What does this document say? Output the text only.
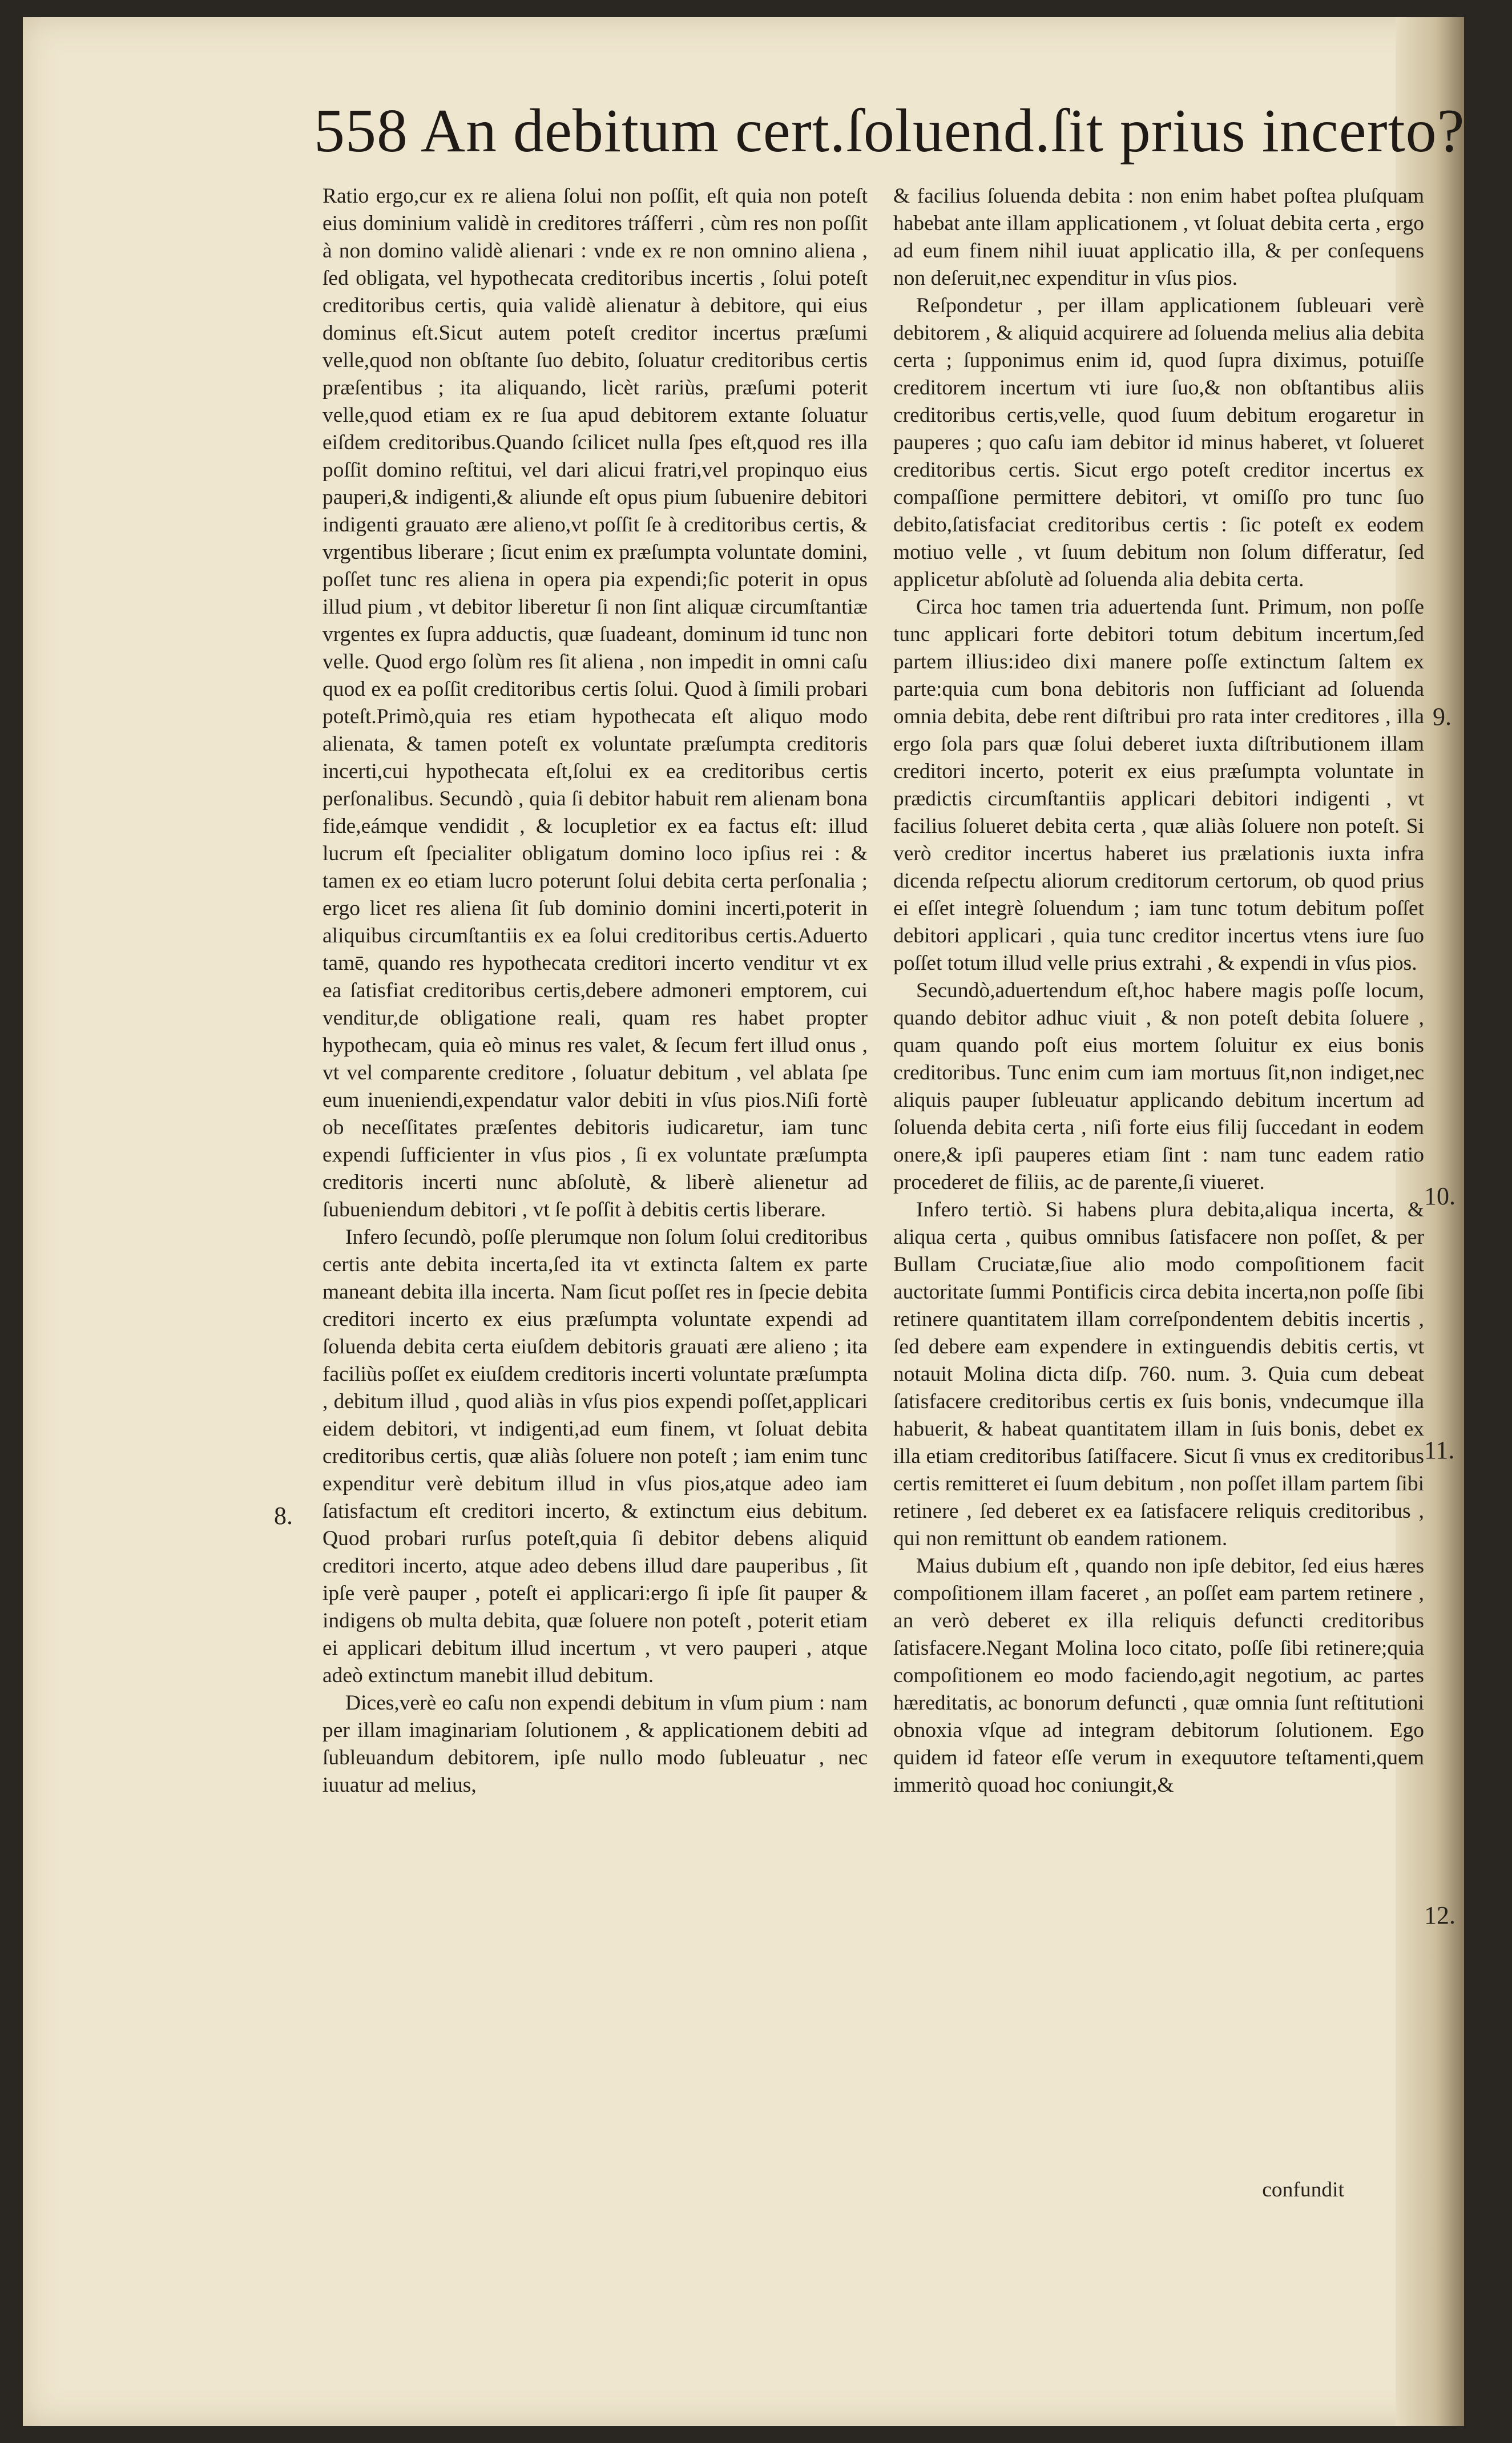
558 An debitum cert.ſoluend.ſit prius incerto?

Ratio ergo,cur ex re aliena ſolui non poſſit, eſt quia non poteſt eius dominium validè in creditores tráſferri , cùm res non poſſit à non domino validè alienari : vnde ex re non omnino aliena , ſed obligata, vel hypothecata creditoribus incertis , ſolui poteſt creditoribus certis, quia validè alienatur à debitore, qui eius dominus eſt.Sicut autem poteſt creditor incertus præſumi velle,quod non obſtante ſuo debito, ſoluatur creditoribus certis præſentibus ; ita aliquando, licèt rariùs, præſumi poterit velle,quod etiam ex re ſua apud debitorem extante ſoluatur eiſdem creditoribus.Quando ſcilicet nulla ſpes eſt,quod res illa poſſit domino reſtitui, vel dari alicui fratri,vel propinquo eius pauperi,& indigenti,& aliunde eſt opus pium ſubuenire debitori indigenti grauato ære alieno,vt poſſit ſe à creditoribus certis, & vrgentibus liberare ; ſicut enim ex præſumpta voluntate domini, poſſet tunc res aliena in opera pia expendi;ſic poterit in opus illud pium , vt debitor liberetur ſi non ſint aliquæ circumſtantiæ vrgentes ex ſupra adductis, quæ ſuadeant, dominum id tunc non velle. Quod ergo ſolùm res ſit aliena , non impedit in omni caſu quod ex ea poſſit creditoribus certis ſolui. Quod à ſimili probari poteſt.Primò,quia res etiam hypothecata eſt aliquo modo alienata, & tamen poteſt ex voluntate præſumpta creditoris incerti,cui hypothecata eſt,ſolui ex ea creditoribus certis perſonalibus. Secundò , quia ſi debitor habuit rem alienam bona fide,eámque vendidit , & locupletior ex ea factus eſt: illud lucrum eſt ſpecialiter obligatum domino loco ipſius rei : & tamen ex eo etiam lucro poterunt ſolui debita certa perſonalia ; ergo licet res aliena ſit ſub dominio domini incerti,poterit in aliquibus circumſtantiis ex ea ſolui creditoribus certis.Aduerto tamē, quando res hypothecata creditori incerto venditur vt ex ea ſatisfiat creditoribus certis,debere admoneri emptorem, cui venditur,de obligatione reali, quam res habet propter hypothecam, quia eò minus res valet, & ſecum fert illud onus , vt vel comparente creditore , ſoluatur debitum , vel ablata ſpe eum inueniendi,expendatur valor debiti in vſus pios.Niſi fortè ob neceſſitates præſentes debitoris iudicaretur, iam tunc expendi ſufficienter in vſus pios , ſi ex voluntate præſumpta creditoris incerti nunc abſolutè, & liberè alienetur ad ſubueniendum debitori , vt ſe poſſit à debitis certis liberare.

Infero ſecundò, poſſe plerumque non ſolum ſolui creditoribus certis ante debita incerta,ſed ita vt extincta ſaltem ex parte maneant debita illa incerta. Nam ſicut poſſet res in ſpecie debita creditori incerto ex eius præſumpta voluntate expendi ad ſoluenda debita certa eiuſdem debitoris grauati ære alieno ; ita faciliùs poſſet ex eiuſdem creditoris incerti voluntate præſumpta , debitum illud , quod aliàs in vſus pios expendi poſſet,applicari eidem debitori, vt indigenti,ad eum finem, vt ſoluat debita creditoribus certis, quæ aliàs ſoluere non poteſt ; iam enim tunc expenditur verè debitum illud in vſus pios,atque adeo iam ſatisfactum eſt creditori incerto, & extinctum eius debitum. Quod probari rurſus poteſt,quia ſi debitor debens aliquid creditori incerto, atque adeo debens illud dare pauperibus , ſit ipſe verè pauper , poteſt ei applicari:ergo ſi ipſe ſit pauper & indigens ob multa debita, quæ ſoluere non poteſt , poterit etiam ei applicari debitum illud incertum , vt vero pauperi , atque adeò extinctum manebit illud debitum.

Dices,verè eo caſu non expendi debitum in vſum pium : nam per illam imaginariam ſolutionem , & applicationem debiti ad ſubleuandum debitorem, ipſe nullo modo ſubleuatur , nec iuuatur ad melius,

& facilius ſoluenda debita : non enim habet poſtea pluſquam habebat ante illam applicationem , vt ſoluat debita certa , ergo ad eum finem nihil iuuat applicatio illa, & per conſequens non deſeruit,nec expenditur in vſus pios.

Reſpondetur , per illam applicationem ſubleuari verè debitorem , & aliquid acquirere ad ſoluenda melius alia debita certa ; ſupponimus enim id, quod ſupra diximus, potuiſſe creditorem incertum vti iure ſuo,& non obſtantibus aliis creditoribus certis,velle, quod ſuum debitum erogaretur in pauperes ; quo caſu iam debitor id minus haberet, vt ſolueret creditoribus certis. Sicut ergo poteſt creditor incertus ex compaſſione permittere debitori, vt omiſſo pro tunc ſuo debito,ſatisfaciat creditoribus certis : ſic poteſt ex eodem motiuo velle , vt ſuum debitum non ſolum differatur, ſed applicetur abſolutè ad ſoluenda alia debita certa.

Circa hoc tamen tria aduertenda ſunt. Primum, non poſſe tunc applicari forte debitori totum debitum incertum,ſed partem illius:ideo dixi manere poſſe extinctum ſaltem ex parte:quia cum bona debitoris non ſufficiant ad ſoluenda omnia debita, debe rent diſtribui pro rata inter creditores , illa ergo ſola pars quæ ſolui deberet iuxta diſtributionem illam creditori incerto, poterit ex eius præſumpta voluntate in prædictis circumſtantiis applicari debitori indigenti , vt facilius ſolueret debita certa , quæ aliàs ſoluere non poteſt. Si verò creditor incertus haberet ius prælationis iuxta infra dicenda reſpectu aliorum creditorum certorum, ob quod prius ei eſſet integrè ſoluendum ; iam tunc totum debitum poſſet debitori applicari , quia tunc creditor incertus vtens iure ſuo poſſet totum illud velle prius extrahi , & expendi in vſus pios.

Secundò,aduertendum eſt,hoc habere magis poſſe locum, quando debitor adhuc viuit , & non poteſt debita ſoluere , quam quando poſt eius mortem ſoluitur ex eius bonis creditoribus. Tunc enim cum iam mortuus ſit,non indiget,nec aliquis pauper ſubleuatur applicando debitum incertum ad ſoluenda debita certa , niſi forte eius filij ſuccedant in eodem onere,& ipſi pauperes etiam ſint : nam tunc eadem ratio procederet de filiis, ac de parente,ſi viueret.

Infero tertiò. Si habens plura debita,aliqua incerta, & aliqua certa , quibus omnibus ſatisfacere non poſſet, & per Bullam Cruciatæ,ſiue alio modo compoſitionem facit auctoritate ſummi Pontificis circa debita incerta,non poſſe ſibi retinere quantitatem illam correſpondentem debitis incertis , ſed debere eam expendere in extinguendis debitis certis, vt notauit Molina dicta diſp. 760. num. 3. Quia cum debeat ſatisfacere creditoribus certis ex ſuis bonis, vndecumque illa habuerit, & habeat quantitatem illam in ſuis bonis, debet ex illa etiam creditoribus ſatiſfacere. Sicut ſi vnus ex creditoribus certis remitteret ei ſuum debitum , non poſſet illam partem ſibi retinere , ſed deberet ex ea ſatisfacere reliquis creditoribus , qui non remittunt ob eandem rationem.

Maius dubium eſt , quando non ipſe debitor, ſed eius hæres compoſitionem illam faceret , an poſſet eam partem retinere , an verò deberet ex illa reliquis defuncti creditoribus ſatisfacere.Negant Molina loco citato, poſſe ſibi retinere;quia compoſitionem eo modo faciendo,agit negotium, ac partes hæreditatis, ac bonorum defuncti , quæ omnia ſunt reſtitutioni obnoxia vſque ad integram debitorum ſolutionem. Ego quidem id fateor eſſe verum in exequutore teſtamenti,quem immeritò quoad hoc coniungit,&

8.
9.
10.
11.
12.
confundit
